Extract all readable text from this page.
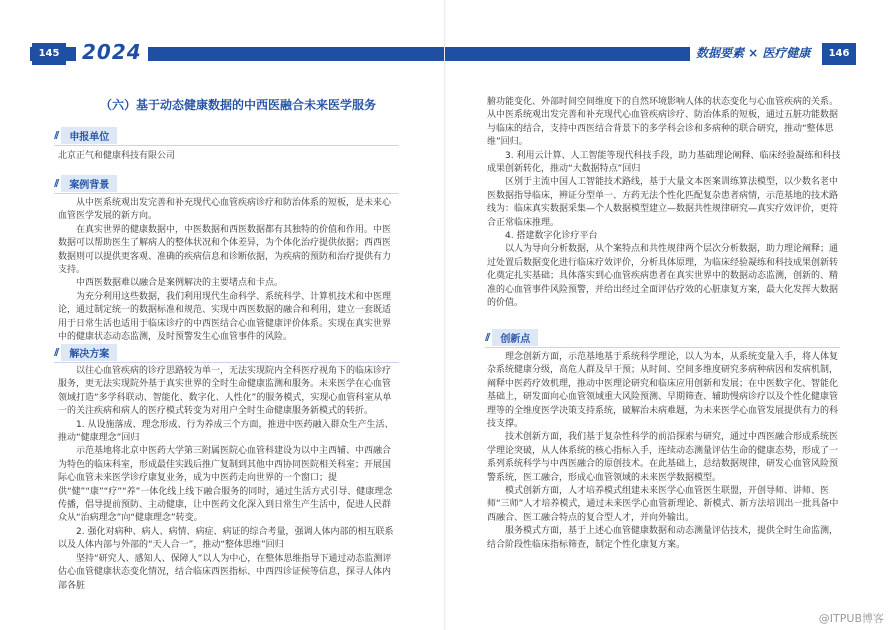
145	2024
（六）基于动态健康数据的中西医融合未来医学服务
//	申报单位

北京正气和健康科技有限公司

//	案例背景

从中医系统观出发完善和补充现代心血管疾病诊疗和防治体系的短板，是未来心血管医学发展的新方向。

在真实世界的健康数据中，中医数据和西医数据都有其独特的价值和作用。中医数据可以帮助医生了解病人的整体状况和个体差异，为个体化治疗提供依据；西西医数据则可以提供更客观、准确的疾病信息和诊断依据，为疾病的预防和治疗提供有力支持。

中西医数据难以融合是案例解决的主要堵点和卡点。

为充分利用这些数据，我们利用现代生命科学、系统科学、计算机技术和中医理论，通过制定统一的数据标准和规范、实现中西医数据的融合和利用，建立一套既适用于日常生活也适用于临床诊疗的中西医结合心血管健康评价体系。实现在真实世界中的健康状态动态监测，及时预警发生心血管事件的风险。

//	解决方案

以往心血管疾病的诊疗思路较为单一，无法实现院内全科医疗视角下的临床诊疗服务，更无法实现院外基于真实世界的全时生命健康监测和服务。未来医学在心血管领域打造“多学科联动、智能化、数字化、人性化”的服务模式，实现心血管科室从单一的关注疾病和病人的医疗模式转变为对用户全时生命健康服务新模式的转折。

1. 从设施落成、理念形成、行为养成三个方面，推进中医药融入群众生产生活、推动“健康理念”回归

示范基地将北京中医药大学第三附属医院心血管科建设为以中主西辅、中西融合为特色的临床科室，形成最佳实践后推广复制到其他中西协同医院相关科室；开展国际心血管未来医学诊疗康复业务，成为中医药走向世界的一个窗口；提供“健”“康”“疗”“养”一体化线上线下融合服务的同时，通过生活方式引导、健康理念传播，倡导提前预防、主动健康，让中医药文化深入到日常生产生活中，促进人民群众从“治病理念”向“健康理念”转变。

2. 强化对病种、病人、病情、病症、病证的综合考量，强调人体内部的相互联系以及人体内部与外部的“天人合一”，推动“整体思维”回归

坚持“研究人、感知人、保障人”以人为中心，在整体思维指导下通过动态监测评估心血管健康状态变化情况，结合临床西医指标、中西四诊证候等信息，探寻人体内部各脏

数据要素 × 医疗健康	146

腑功能变化、外部时间空间维度下的自然环境影响人体的状态变化与心血管疾病的关系。从中医系统观出发完善和补充现代心血管疾病诊疗、防治体系的短板，通过五脏功能数据与临床的结合，支持中西医结合背景下的多学科会诊和多病种的联合研究，推动“整体思维”回归。

3. 利用云计算、人工智能等现代科技手段，助力基础理论阐释、临床经验凝练和科技成果创新转化，推动“大数据特点”回归

区别于主流中国人工智能技术路线，基于大量文本医案训练算法模型，以少数名老中医数据指导临床，辨证分型单一、方药无法个性化匹配复杂患者病情，示范基地的技术路线为：临床真实数据采集—个人数据模型建立—数据共性规律研究—真实疗效评价，更符合正常临床推理。

4. 搭建数字化诊疗平台

以人为导向分析数据，从个案特点和共性规律两个层次分析数据，助力理论阐释；通过处置后数据变化进行临床疗效评价，分析具体原理，为临床经验凝练和科技成果创新转化奠定扎实基础；具体落实到心血管疾病患者在真实世界中的数据动态监测，创新的、精准的心血管事件风险预警，并给出经过全面评估疗效的心脏康复方案，最大化发挥大数据的价值。

//	创新点

理念创新方面，示范基地基于系统科学理论，以人为本，从系统变量入手，将人体复杂系统健康分级，高危人群及早干预；从时间、空间多维度研究多病种病因和发病机制，阐释中医药疗效机理，推动中医理论研究和临床应用创新和发展；在中医数字化、智能化基础上，研发面向心血管领域重大风险预测、早期筛查、辅助慢病诊疗以及个性化健康管理等的全维度医学决策支持系统，破解治未病难题，为未来医学心血管发展提供有力的科技支撑。

技术创新方面，我们基于复杂性科学的前沿探索与研究，通过中西医融合形成系统医学理论突破，从人体系统的核心指标入手，连续动态测量评估生命的健康态势，形成了一系列系统科学与中西医融合的原创技术。在此基础上，总结数据规律，研发心血管风险预警系统，医工融合，形成心血管领域的未来医学数据模型。

模式创新方面，人才培养模式组建未来医学心血管医生联盟，开创导师、讲师、医师“三师”人才培养模式，通过未来医学心血管新理论、新模式、新方法培训出一批具备中西融合、医工融合特点的复合型人才，并向外输出。

服务模式方面，基于上述心血管健康数据和动态测量评估技术，提供全时生命监测，结合阶段性临床指标筛查，制定个性化康复方案。

@ITPUB博客
